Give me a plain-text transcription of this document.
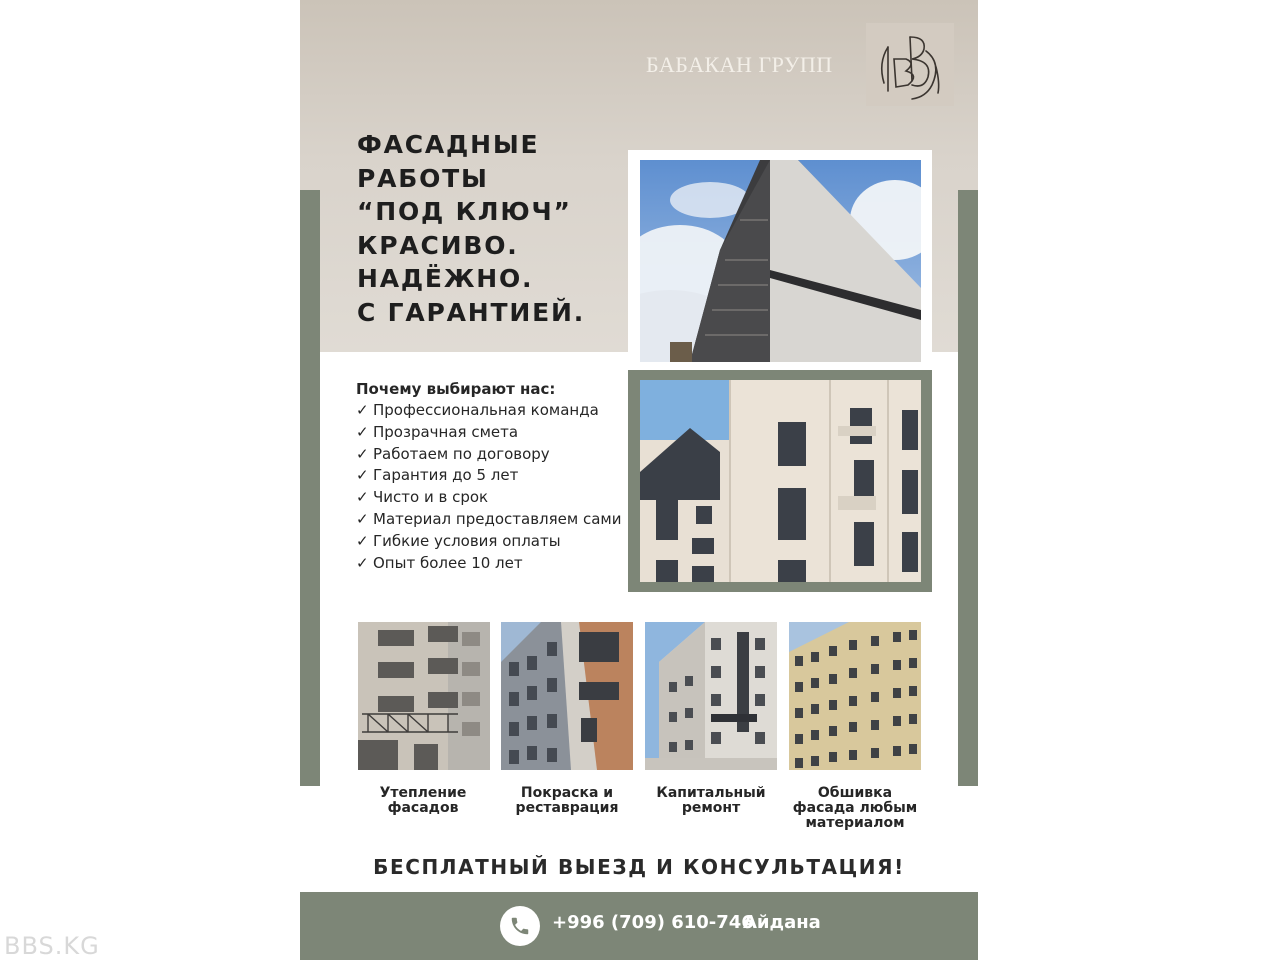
БАБАКАН ГРУПП
ФАСАДНЫЕ
РАБОТЫ
“ПОД КЛЮЧ”
КРАСИВО.
НАДЁЖНО.
С ГАРАНТИЕЙ.
Почему выбирают нас:
✓ Профессиональная команда
✓ Прозрачная смета
✓ Работаем по договору
✓ Гарантия до 5 лет
✓ Чисто и в срок
✓ Материал предоставляем сами
✓ Гибкие условия оплаты
✓ Опыт более 10 лет
Утепление
фасадов
Покраска и
реставрация
Капитальный
ремонт
Обшивка
фасада любым
материалом
БЕСПЛАТНЫЙ ВЫЕЗД И КОНСУЛЬТАЦИЯ!
+996 (709) 610-746
Айдана
BBS.KG
